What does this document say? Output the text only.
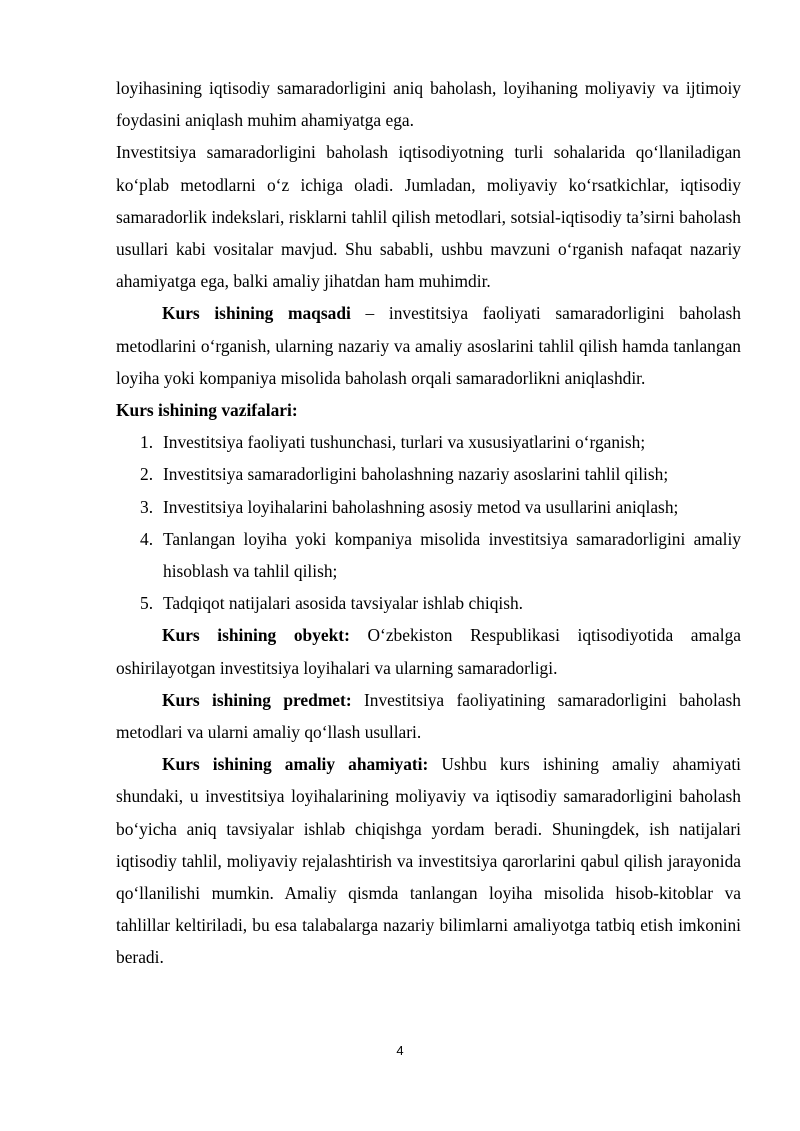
loyihasining iqtisodiy samaradorligini aniq baholash, loyihaning moliyaviy va ijtimoiy foydasini aniqlash muhim ahamiyatga ega.

Investitsiya samaradorligini baholash iqtisodiyotning turli sohalarida qo‘llaniladigan ko‘plab metodlarni o‘z ichiga oladi. Jumladan, moliyaviy ko‘rsatkichlar, iqtisodiy samaradorlik indekslari, risklarni tahlil qilish metodlari, sotsial-iqtisodiy ta’sirni baholash usullari kabi vositalar mavjud. Shu sababli, ushbu mavzuni o‘rganish nafaqat nazariy ahamiyatga ega, balki amaliy jihatdan ham muhimdir.

Kurs ishining maqsadi – investitsiya faoliyati samaradorligini baholash metodlarini o‘rganish, ularning nazariy va amaliy asoslarini tahlil qilish hamda tanlangan loyiha yoki kompaniya misolida baholash orqali samaradorlikni aniqlashdir.

Kurs ishining vazifalari:

1. Investitsiya faoliyati tushunchasi, turlari va xususiyatlarini o‘rganish;
2. Investitsiya samaradorligini baholashning nazariy asoslarini tahlil qilish;
3. Investitsiya loyihalarini baholashning asosiy metod va usullarini aniqlash;
4. Tanlangan loyiha yoki kompaniya misolida investitsiya samaradorligini amaliy hisoblash va tahlil qilish;
5. Tadqiqot natijalari asosida tavsiyalar ishlab chiqish.

Kurs ishining obyekt: O‘zbekiston Respublikasi iqtisodiyotida amalga oshirilayotgan investitsiya loyihalari va ularning samaradorligi.

Kurs ishining predmet: Investitsiya faoliyatining samaradorligini baholash metodlari va ularni amaliy qo‘llash usullari.

Kurs ishining amaliy ahamiyati: Ushbu kurs ishining amaliy ahamiyati shundaki, u investitsiya loyihalarining moliyaviy va iqtisodiy samaradorligini baholash bo‘yicha aniq tavsiyalar ishlab chiqishga yordam beradi. Shuningdek, ish natijalari iqtisodiy tahlil, moliyaviy rejalashtirish va investitsiya qarorlarini qabul qilish jarayonida qo‘llanilishi mumkin. Amaliy qismda tanlangan loyiha misolida hisob-kitoblar va tahlillar keltiriladi, bu esa talabalarga nazariy bilimlarni amaliyotga tatbiq etish imkonini beradi.

4
